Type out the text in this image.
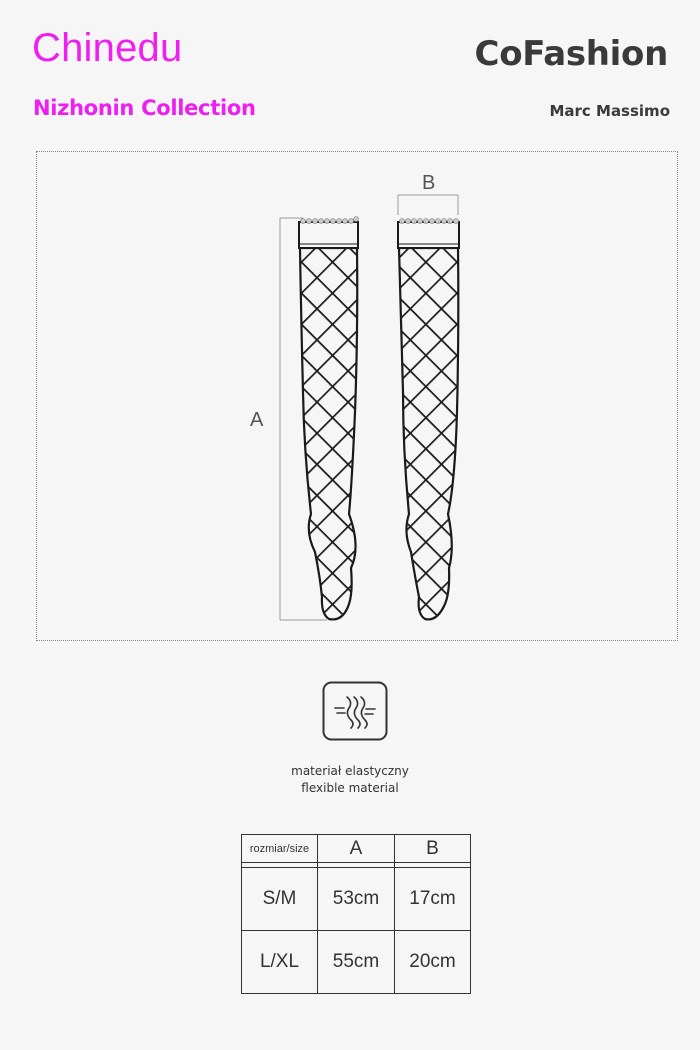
Chinedu
Nizhonin Collection
CoFashion
Marc Massimo
A
B

materiał elastyczny

flexible material

rozmiar/size	A	B

S/M	53cm	17cm
L/XL	55cm	20cm
